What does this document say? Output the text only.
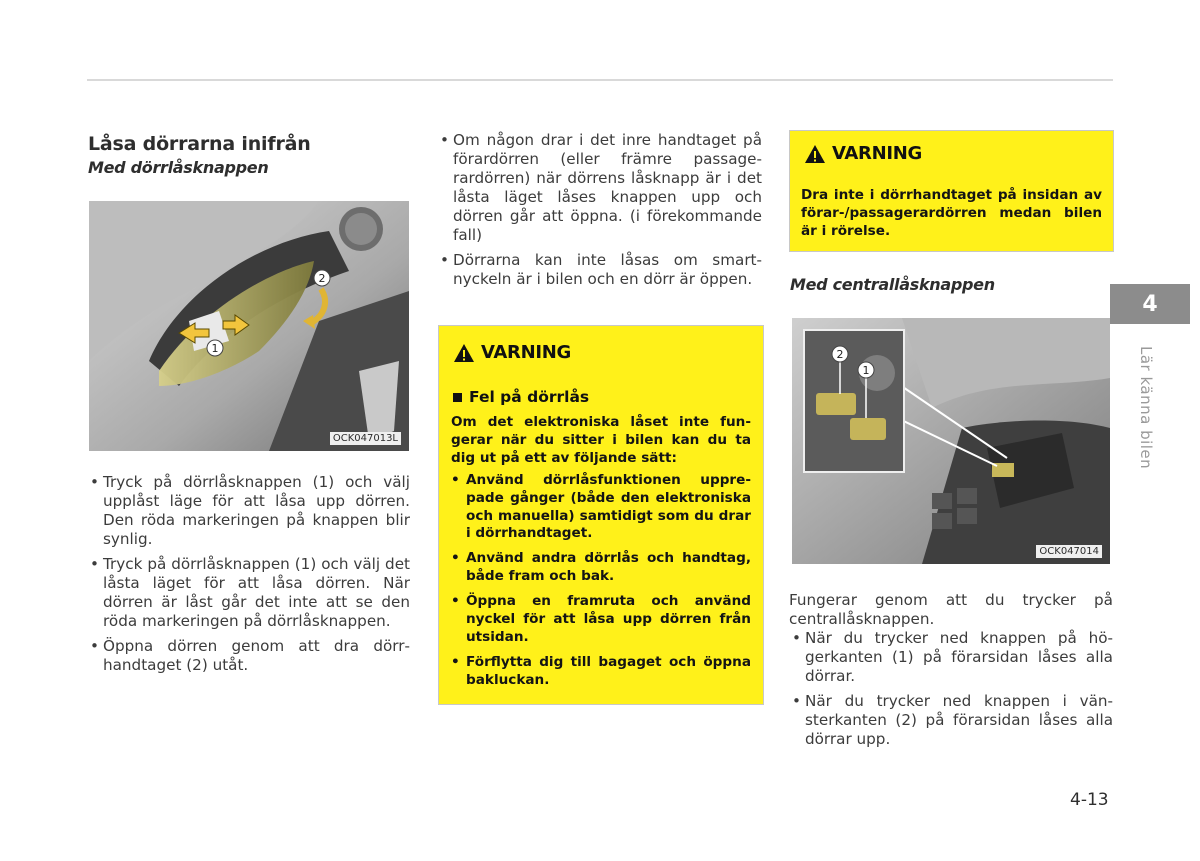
Låsa dörrarna inifrån
Med dörrlåsknappen
1
2
OCK047013L
• Tryck på dörrlåsknappen (1) och välj upplåst läge för att låsa upp dörren. Den röda markeringen på knappen blir synlig.
• Tryck på dörrlåsknappen (1) och välj det låsta läget för att låsa dörren. När dörren är låst går det inte att se den röda markeringen på dörrlåsknappen.
• Öppna dörren genom att dra dörrhandtaget (2) utåt.
• Om någon drar i det inre handtaget på förardörren (eller främre passagerardörren) när dörrens låsknapp är i det låsta läget låses knappen upp och dörren går att öppna. (i förekommande fall)
• Dörrarna kan inte låsas om smartnyckeln är i bilen och en dörr är öppen.
VARNING
Fel på dörrlås
Om det elektroniska låset inte fungerar när du sitter i bilen kan du ta dig ut på ett av följande sätt:
• Använd dörrlåsfunktionen upprepade gånger (både den elektroniska och manuella) samtidigt som du drar i dörrhandtaget.
• Använd andra dörrlås och handtag, både fram och bak.
• Öppna en framruta och använd nyckel för att låsa upp dörren från utsidan.
• Förflytta dig till bagaget och öppna bakluckan.
VARNING
Dra inte i dörrhandtaget på insidan av förar-/passagerardörren medan bilen är i rörelse.
Med centrallåsknappen
2
1
OCK047014
Fungerar genom att du trycker på centrallåsknappen.
• När du trycker ned knappen på högerkanten (1) på förarsidan låses alla dörrar.
• När du trycker ned knappen i vänsterkanten (2) på förarsidan låses alla dörrar upp.
4
Lär känna bilen
4-13
